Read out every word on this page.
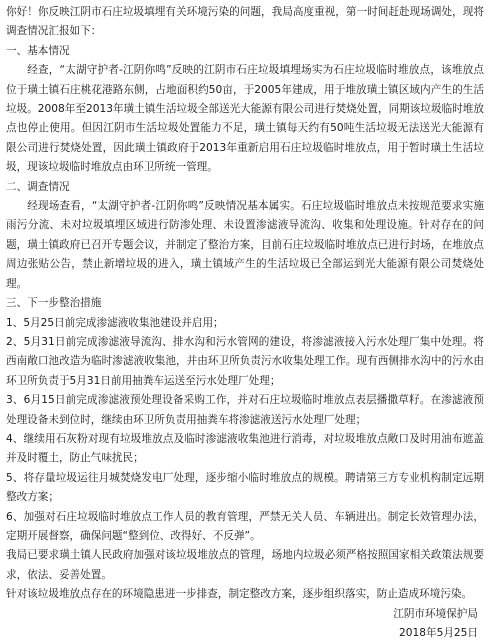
你好！你反映江阴市石庄垃圾填埋有关环境污染的问题，我局高度重视，第一时间赶赴现场调处，现将调查情况汇报如下：

一、基本情况

经查，“太湖守护者-江阴你鸣”反映的江阴市石庄垃圾填埋场实为石庄垃圾临时堆放点，该堆放点位于璜土镇石庄桃花港路东侧，占地面积约50亩，于2005年建成，用于堆放璜土镇区域内产生的生活垃圾。2008年至2013年璜土镇生活垃圾全部送光大能源有限公司进行焚烧处置，同期该垃圾临时堆放点也停止使用。但因江阴市生活垃圾处置能力不足，璜土镇每天约有50吨生活垃圾无法送光大能源有限公司进行焚烧处置，因此璜土镇政府于2013年重新启用石庄垃圾临时堆放点，用于暂时璜土生活垃圾，现该垃圾临时堆放点由环卫所统一管理。

二、调查情况

经现场查看，“太湖守护者-江阴你鸣”反映情况基本属实。石庄垃圾临时堆放点未按规范要求实施雨污分流、未对垃圾填埋区域进行防渗处理、未设置渗滤液导流沟、收集和处理设施。针对存在的问题，璜土镇政府已召开专题会议，并制定了整治方案，目前石庄垃圾临时堆放点已进行封场，在堆放点周边张贴公告，禁止新增垃圾的进入，璜土镇域产生的生活垃圾已全部运到光大能源有限公司焚烧处理。

三、下一步整治措施

1、5月25日前完成渗滤液收集池建设并启用；

2、5月31日前完成渗滤液导流沟、排水沟和污水管网的建设，将渗滤液接入污水处理厂集中处理。将西南敞口池改造为临时渗滤液收集池，并由环卫所负责污水收集处理工作。现有西侧排水沟中的污水由环卫所负责于5月31日前用抽粪车运送至污水处理厂处理；

3、6月15日前完成渗滤液预处理设备采购工作，并对石庄垃圾临时堆放点表层播撒草籽。在渗滤液预处理设备未到位时，继续由环卫所负责用抽粪车将渗滤液送污水处理厂处理；

4、继续用石灰粉对现有垃圾堆放点及临时渗滤液收集池进行消毒，对垃圾堆放点敞口及时用油布遮盖并及时覆土，防止气味扰民；

5、将存量垃圾运往月城焚烧发电厂处理，逐步缩小临时堆放点的规模。聘请第三方专业机构制定远期整改方案；

6、加强对石庄垃圾临时堆放点工作人员的教育管理，严禁无关人员、车辆进出。制定长效管理办法，定期开展督察，确保问题“整到位、改得好、不反弹”。

我局已要求璜土镇人民政府加强对该垃圾堆放点的管理，场地内垃圾必须严格按照国家相关政策法规要求，依法、妥善处置。

针对该垃圾堆放点存在的环境隐患进一步排查，制定整改方案，逐步组织落实，防止造成环境污染。

江阴市环境保护局

2018年5月25日
